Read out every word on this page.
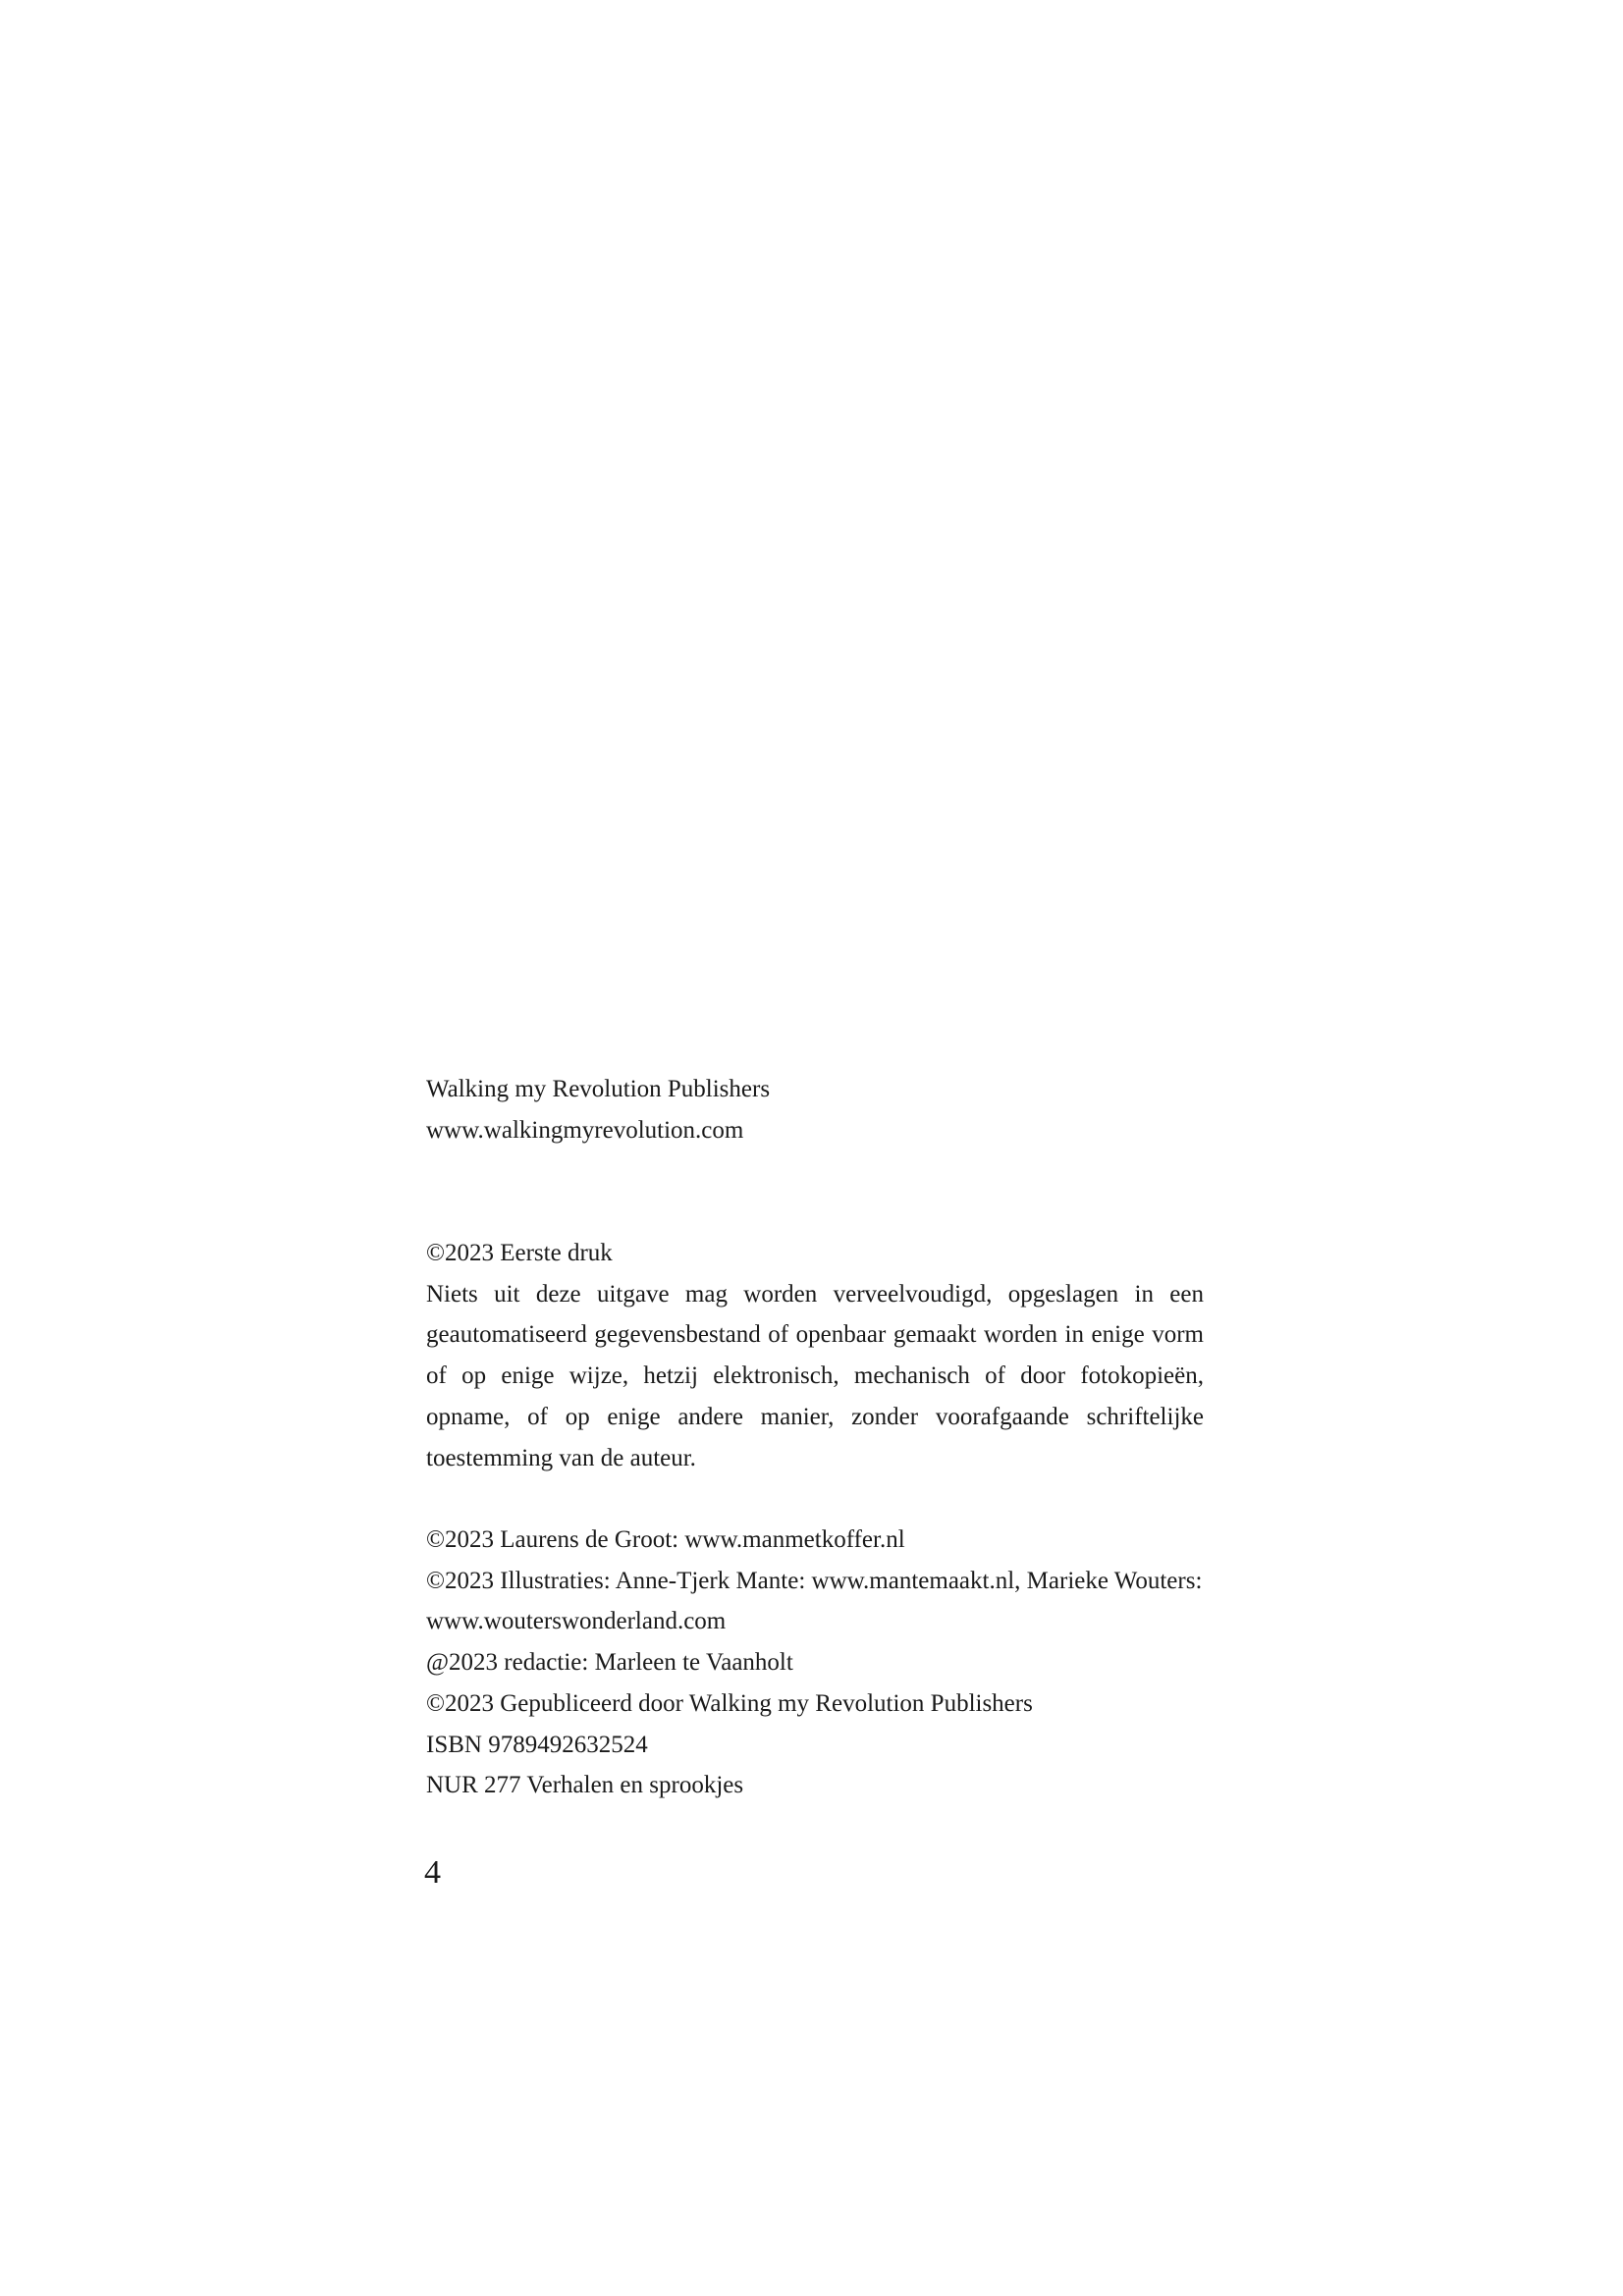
Walking my Revolution Publishers

www.walkingmyrevolution.com

©2023 Eerste druk

Niets uit deze uitgave mag worden verveelvoudigd, opgeslagen in een geautomatiseerd gegevensbestand of openbaar gemaakt worden in enige vorm of op enige wijze, hetzij elektronisch, mechanisch of door fotokopieën, opname, of op enige andere manier, zonder voorafgaande schriftelijke toestemming van de auteur.

©2023 Laurens de Groot: www.manmetkoffer.nl

©2023 Illustraties: Anne-Tjerk Mante: www.mantemaakt.nl, Marieke Wouters: www.wouterswonderland.com

@2023 redactie: Marleen te Vaanholt

©2023 Gepubliceerd door Walking my Revolution Publishers

ISBN 9789492632524

NUR 277 Verhalen en sprookjes

4
